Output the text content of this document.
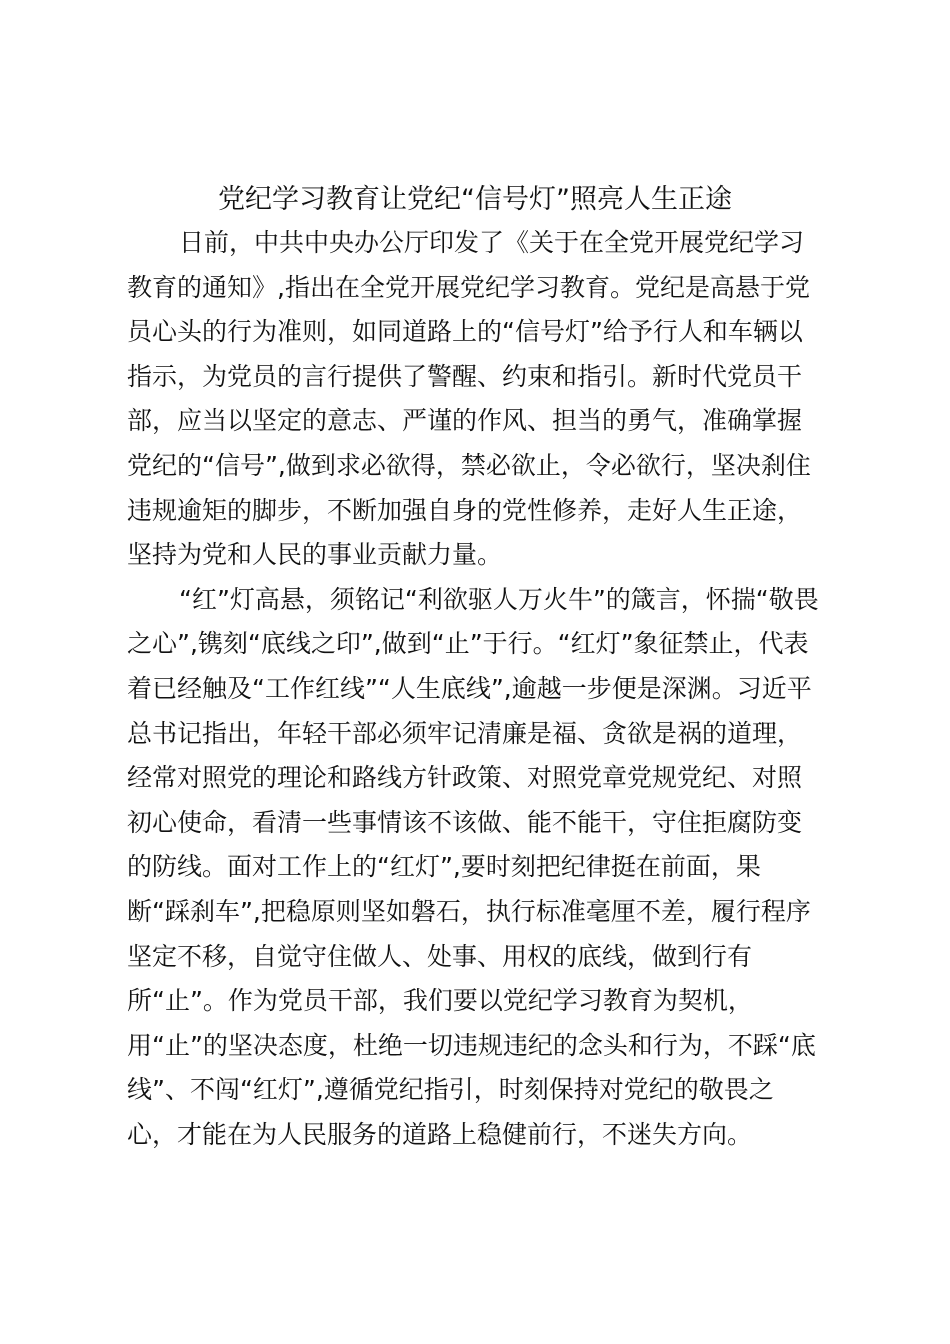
党纪学习教育让党纪“信号灯”照亮人生正途
日前，中共中央办公厅印发了《关于在全党开展党纪学习
教育的通知》,指出在全党开展党纪学习教育。党纪是高悬于党
员心头的行为准则，如同道路上的“信号灯”给予行人和车辆以
指示，为党员的言行提供了警醒、约束和指引。新时代党员干
部，应当以坚定的意志、严谨的作风、担当的勇气，准确掌握
党纪的“信号”,做到求必欲得，禁必欲止，令必欲行，坚决刹住
违规逾矩的脚步，不断加强自身的党性修养，走好人生正途，
坚持为党和人民的事业贡献力量。
“红”灯高悬，须铭记“利欲驱人万火牛”的箴言，怀揣“敬畏
之心”,镌刻“底线之印”,做到“止”于行。“红灯”象征禁止，代表
着已经触及“工作红线”“人生底线”,逾越一步便是深渊。习近平
总书记指出，年轻干部必须牢记清廉是福、贪欲是祸的道理，
经常对照党的理论和路线方针政策、对照党章党规党纪、对照
初心使命，看清一些事情该不该做、能不能干，守住拒腐防变
的防线。面对工作上的“红灯”,要时刻把纪律挺在前面，果
断“踩刹车”,把稳原则坚如磐石，执行标准毫厘不差，履行程序
坚定不移，自觉守住做人、处事、用权的底线，做到行有
所“止”。作为党员干部，我们要以党纪学习教育为契机，
用“止”的坚决态度，杜绝一切违规违纪的念头和行为，不踩“底
线”、不闯“红灯”,遵循党纪指引，时刻保持对党纪的敬畏之
心，才能在为人民服务的道路上稳健前行，不迷失方向。
